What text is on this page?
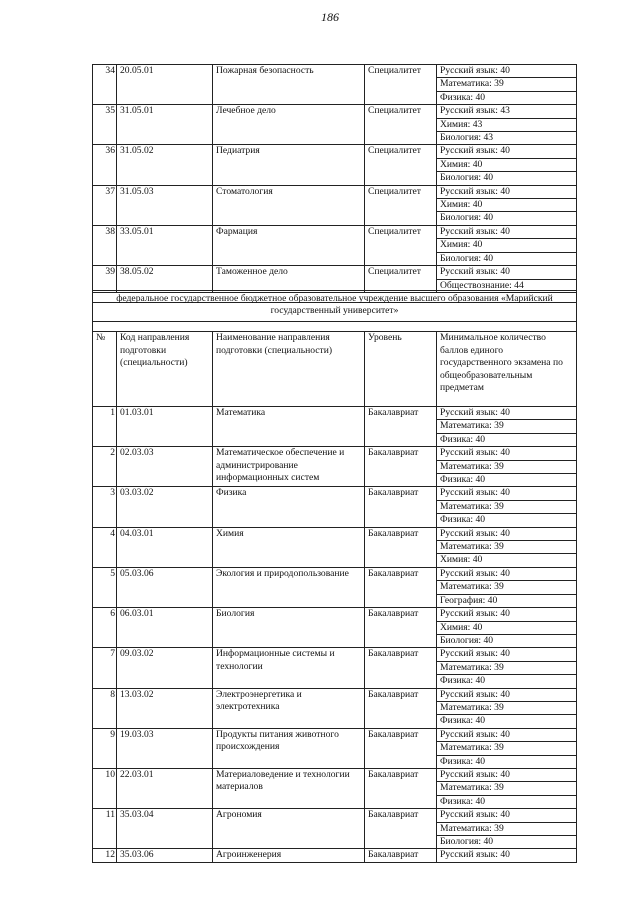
186
34	20.05.01	Пожарная безопасность	Специалитет	Русский язык: 40
				Математика: 39
				Физика: 40
35	31.05.01	Лечебное дело	Специалитет	Русский язык: 43
				Химия: 43
				Биология: 43
36	31.05.02	Педиатрия	Специалитет	Русский язык: 40
				Химия: 40
				Биология: 40
37	31.05.03	Стоматология	Специалитет	Русский язык: 40
				Химия: 40
				Биология: 40
38	33.05.01	Фармация	Специалитет	Русский язык: 40
				Химия: 40
				Биология: 40
39	38.05.02	Таможенное дело	Специалитет	Русский язык: 40
				Обществознание: 44

федеральное государственное бюджетное образовательное учреждение высшего образования «Марийский государственный университет»				

№	Код направления подготовки (специальности)	Наименование направления подготовки (специальности)	Уровень	Минимальное количество баллов единого государственного экзамена по общеобразовательным предметам
1	01.03.01	Математика	Бакалавриат	Русский язык: 40
				Математика: 39
				Физика: 40
2	02.03.03	Математическое обеспечение и администрирование информационных систем	Бакалавриат	Русский язык: 40
				Математика: 39
				Физика: 40
3	03.03.02	Физика	Бакалавриат	Русский язык: 40
				Математика: 39
				Физика: 40
4	04.03.01	Химия	Бакалавриат	Русский язык: 40
				Математика: 39
				Химия: 40
5	05.03.06	Экология и природопользование	Бакалавриат	Русский язык: 40
				Математика: 39
				География: 40
6	06.03.01	Биология	Бакалавриат	Русский язык: 40
				Химия: 40
				Биология: 40
7	09.03.02	Информационные системы и технологии	Бакалавриат	Русский язык: 40
				Математика: 39
				Физика: 40
8	13.03.02	Электроэнергетика и электротехника	Бакалавриат	Русский язык: 40
				Математика: 39
				Физика: 40
9	19.03.03	Продукты питания животного происхождения	Бакалавриат	Русский язык: 40
				Математика: 39
				Физика: 40
10	22.03.01	Материаловедение и технологии материалов	Бакалавриат	Русский язык: 40
				Математика: 39
				Физика: 40
11	35.03.04	Агрономия	Бакалавриат	Русский язык: 40
				Математика: 39
				Биология: 40
12	35.03.06	Агроинженерия	Бакалавриат	Русский язык: 40
